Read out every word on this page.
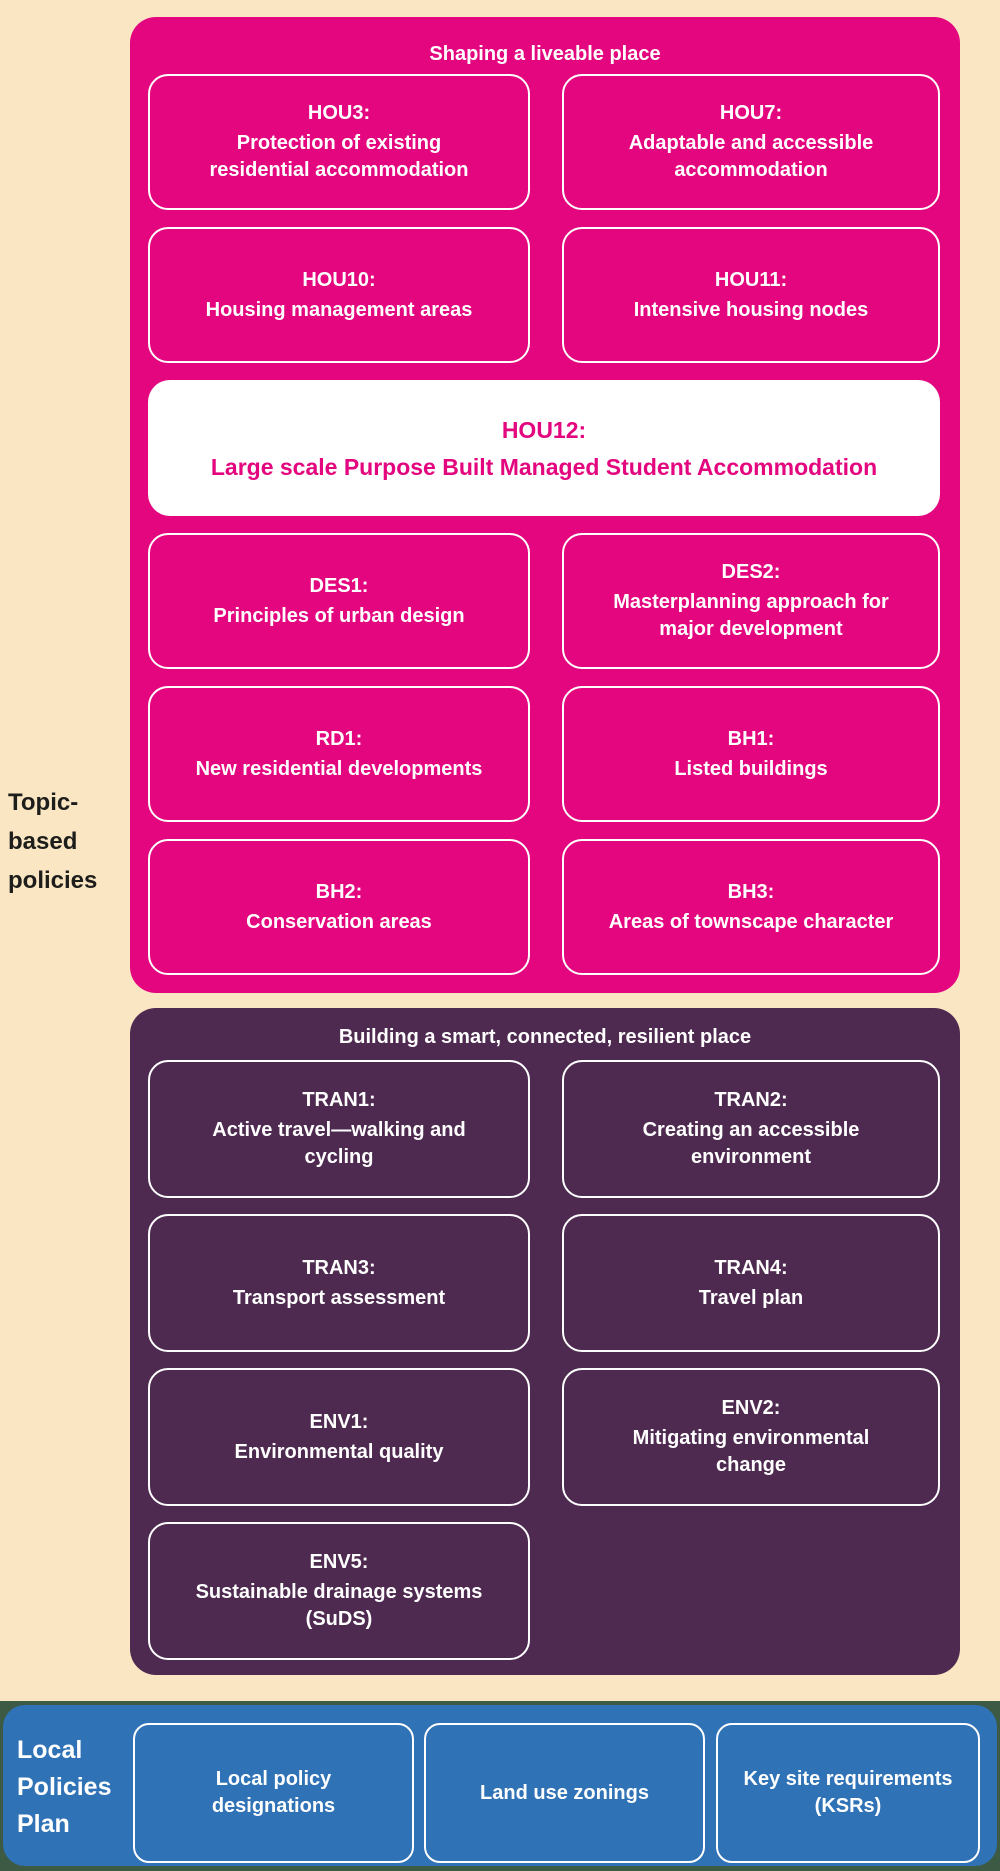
Topic-
based
policies
Shaping a liveable place
HOU3:
Protection of existing residential accommodation
HOU7:
Adaptable and accessible accommodation
HOU10:
Housing management areas
HOU11:
Intensive housing nodes
HOU12:
Large scale Purpose Built Managed Student Accommodation
DES1:
Principles of urban design
DES2:
Masterplanning approach for major development
RD1:
New residential developments
BH1:
Listed buildings
BH2:
Conservation areas
BH3:
Areas of townscape character
Building a smart, connected, resilient place
TRAN1:
Active travel—walking and cycling
TRAN2:
Creating an accessible environment
TRAN3:
Transport assessment
TRAN4:
Travel plan
ENV1:
Environmental quality
ENV2:
Mitigating environmental change
ENV5:
Sustainable drainage systems (SuDS)
Local
Policies
Plan
Local policy designations
Land use zonings
Key site requirements (KSRs)
